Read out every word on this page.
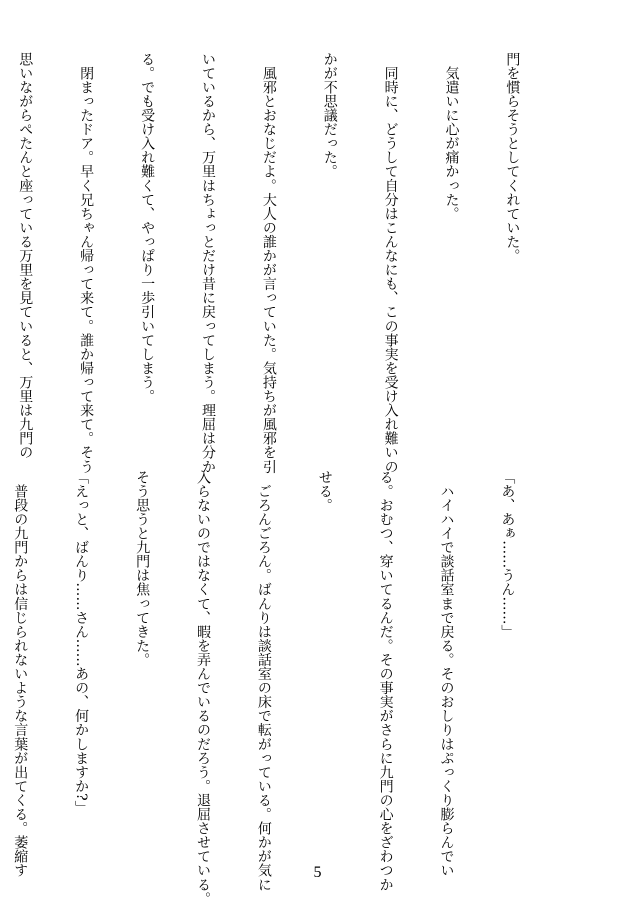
門を慣らそうとしてくれていた。

　気遣いに心が痛かった。

　同時に、どうして自分はこんなにも、この事実を受け入れ難いの

かが不思議だった。

　風邪とおなじだよ。大人の誰かが言っていた。気持ちが風邪を引

いているから、万里はちょっとだけ昔に戻ってしまう。理屈は分か

る。でも受け入れ難くて、やっぱり一歩引いてしまう。

　閉まったドア。早く兄ちゃん帰って来て。誰か帰って来て。そう

思いながらぺたんと座っている万里を見ていると、万里は九門の

「あ、あぁ……うん……」

　ハイハイで談話室まで戻る。そのおしりはぷっくり膨らんでい

る。おむつ、穿いてるんだ。その事実がさらに九門の心をざわつか

せる。

　ごろんごろん。ばんりは談話室の床で転がっている。何かが気に

入らないのではなくて、暇を弄んでいるのだろう。退屈させている。

そう思うと九門は焦ってきた。

「えっと、ばんり……さん……あの、何かしますか?」

　普段の九門からは信じられないような言葉が出てくる。萎縮す

	5
